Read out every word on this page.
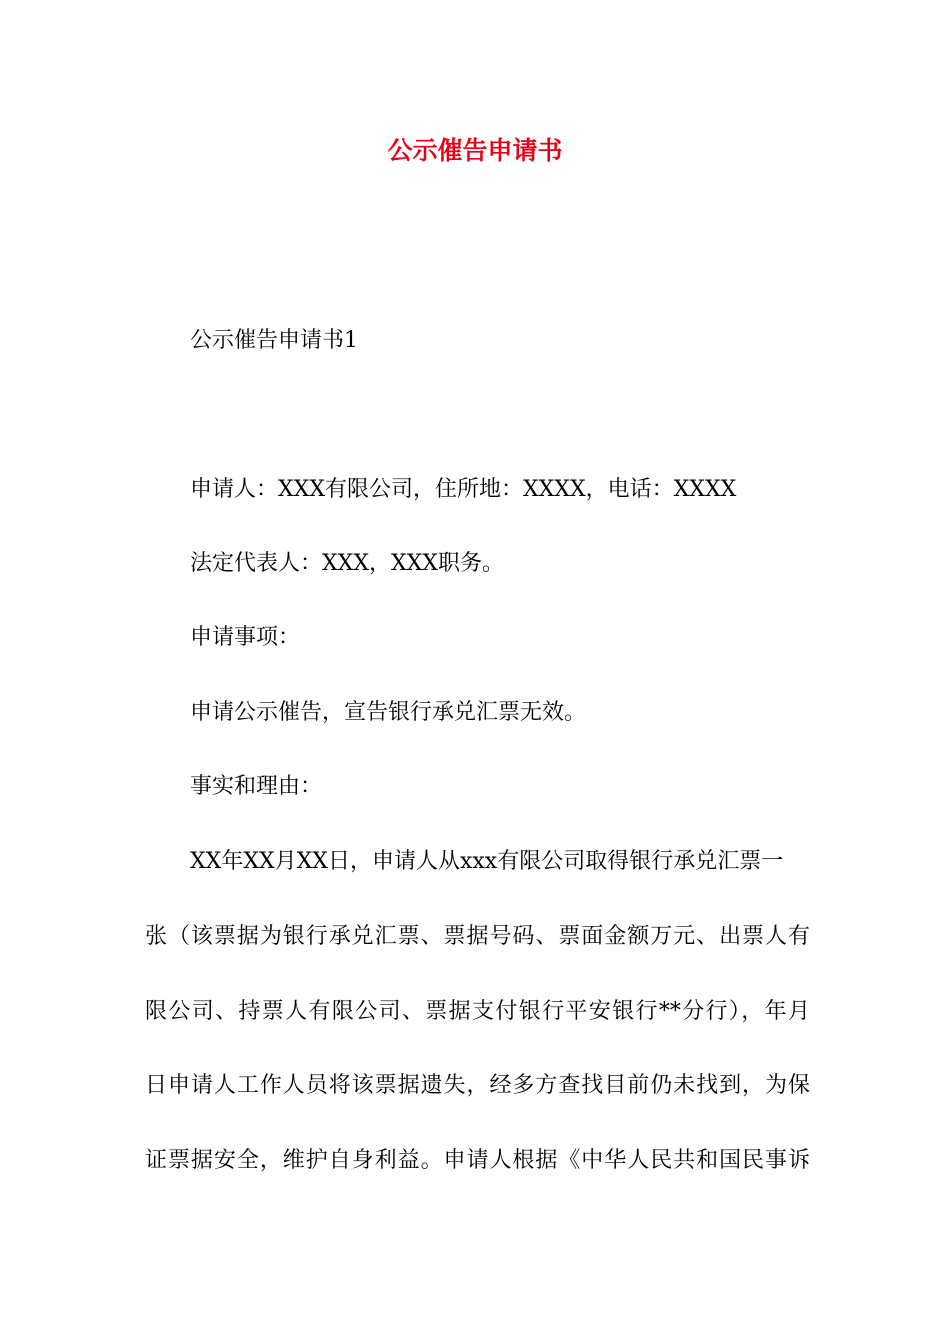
公示催告申请书

公示催告申请书1

申请人：XXX有限公司，住所地：XXXX，电话：XXXX

法定代表人：XXX，XXX职务。

申请事项：

申请公示催告，宣告银行承兑汇票无效。

事实和理由：

XX年XX月XX日，申请人从xxx有限公司取得银行承兑汇票一

张（该票据为银行承兑汇票、票据号码、票面金额万元、出票人有

限公司、持票人有限公司、票据支付银行平安银行**分行），年月

日申请人工作人员将该票据遗失，经多方查找目前仍未找到，为保

证票据安全，维护自身利益。申请人根据《中华人民共和国民事诉
